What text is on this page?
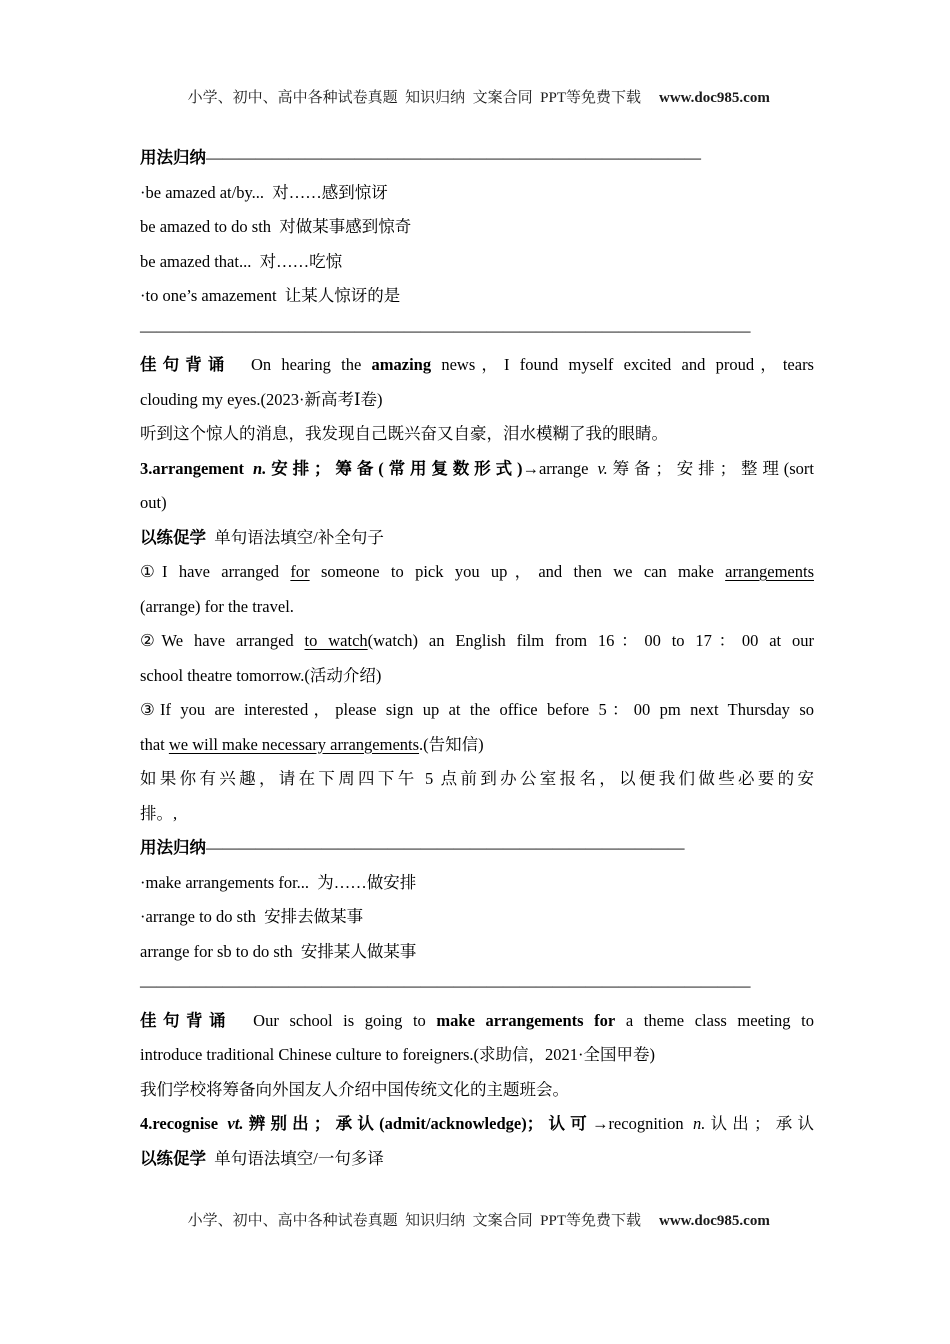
小学、初中、高中各种试卷真题  知识归纳  文案合同  PPT等免费下载 www.doc985.com

用法归纳——————————————————————————————
·be amazed at/by...  对……感到惊讶
be amazed to do sth  对做某事感到惊奇
be amazed that...  对……吃惊
·to one’s amazement  让某人惊讶的是
—————————————————————————————————————
佳句背诵  On hearing the amazing news，I found myself excited and proud，tears
clouding my eyes.(2023·新高考Ⅰ卷)
听到这个惊人的消息，我发现自己既兴奋又自豪，泪水模糊了我的眼睛。
3.arrangement n.安排；筹备(常用复数形式)→arrange v.筹备；安排；整理(sort
out)
以练促学  单句语法填空/补全句子
①I have arranged for someone to pick you up，and then we can make arrangements
(arrange) for the travel.
②We have arranged to watch(watch) an English film from 16：00 to 17：00 at our
school theatre tomorrow.(活动介绍)
③If you are interested，please sign up at the office before 5：00 pm next Thursday so
that we will make necessary arrangements.(告知信)
如果你有兴趣，请在下周四下午 5 点前到办公室报名，以便我们做些必要的安
排。,
用法归纳—————————————————————————————
·make arrangements for...  为……做安排
·arrange to do sth  安排去做某事
arrange for sb to do sth  安排某人做某事
—————————————————————————————————————
佳句背诵  Our school is going to make arrangements for a theme class meeting to
introduce traditional Chinese culture to foreigners.(求助信，2021·全国甲卷)
我们学校将筹备向外国友人介绍中国传统文化的主题班会。
4.recognise vt.辨别出；承认(admit/acknowledge)；认可→recognition n.认出；承认
以练促学  单句语法填空/一句多译

小学、初中、高中各种试卷真题  知识归纳  文案合同  PPT等免费下载 www.doc985.com
